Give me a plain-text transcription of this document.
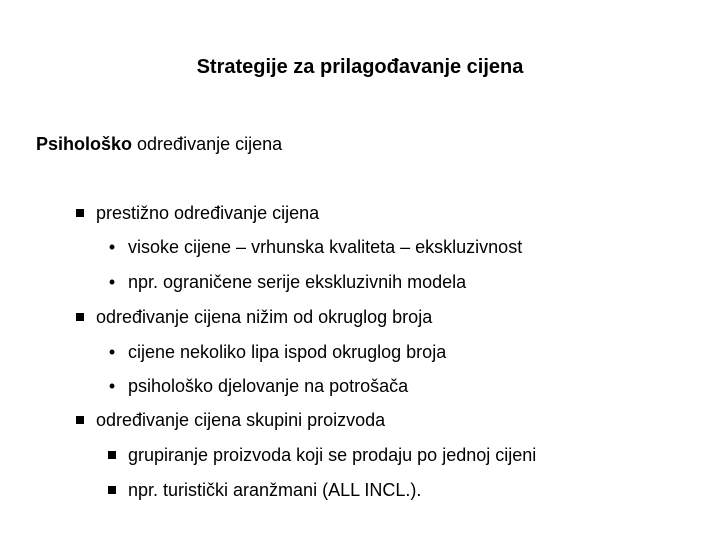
Strategije za prilagođavanje cijena
Psihološko određivanje cijena
prestižno određivanje cijena
• visoke cijene – vrhunska kvaliteta – ekskluzivnost
• npr. ograničene serije ekskluzivnih modela
određivanje cijena nižim od okruglog broja
• cijene nekoliko lipa ispod okruglog broja
• psihološko djelovanje na potrošača
određivanje cijena skupini proizvoda
grupiranje proizvoda koji se prodaju po jednoj cijeni
npr. turistički aranžmani (ALL INCL.).
